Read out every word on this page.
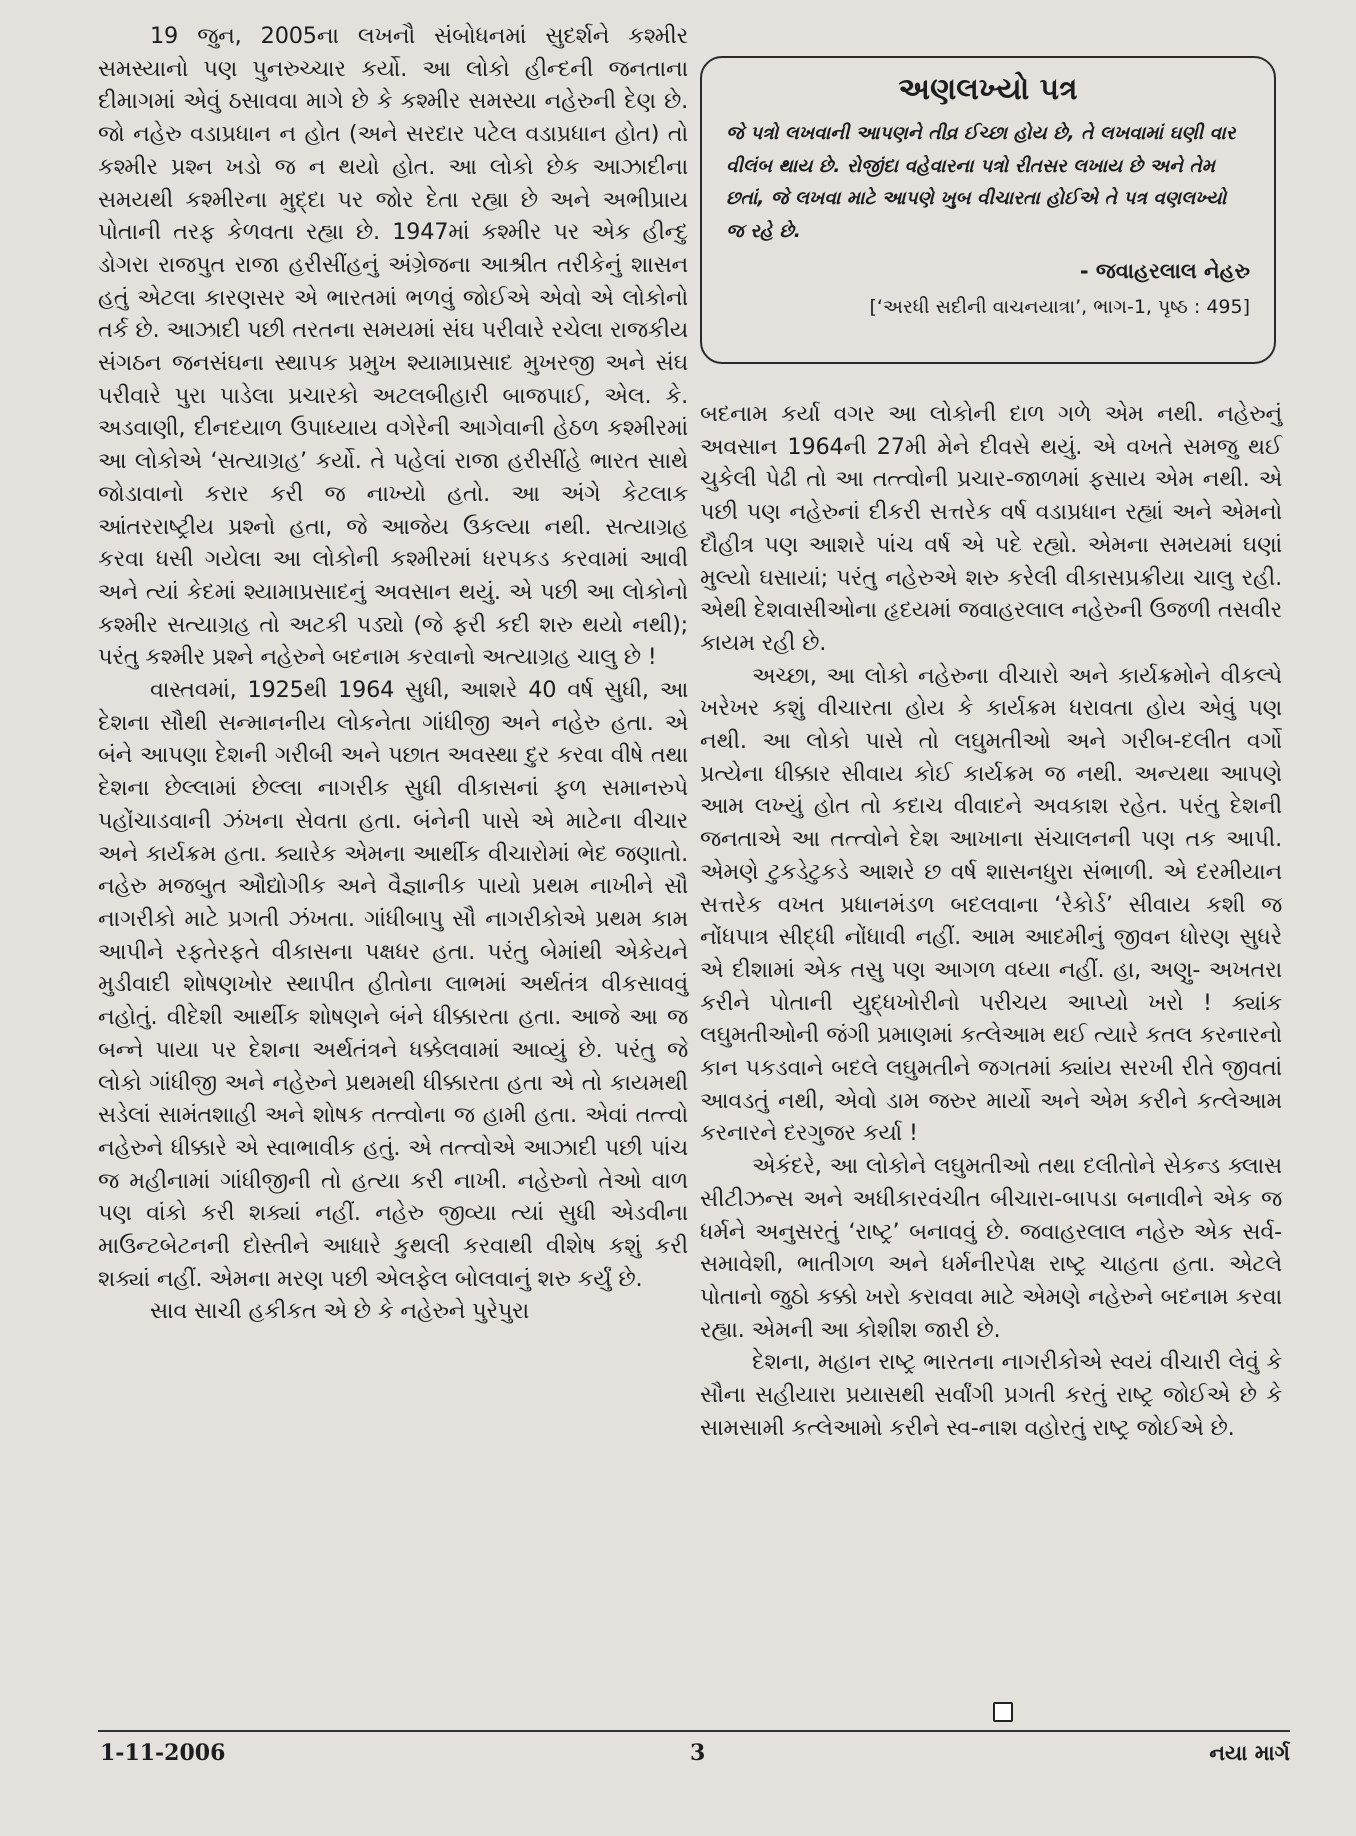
19 જુન, 2005ના લખનૌ સંબોધનમાં સુદર્શને કશ્મીર સમસ્યાનો પણ પુનરુચ્ચાર કર્યો. આ લોકો હીન્દની જનતાના દીમાગમાં એવું ઠસાવવા માગે છે કે કશ્મીર સમસ્યા નહેરુની દેણ છે. જો નહેરુ વડાપ્રધાન ન હોત (અને સરદાર પટેલ વડાપ્રધાન હોત) તો કશ્મીર પ્રશ્ન ખડો જ ન થયો હોત. આ લોકો છેક આઝાદીના સમયથી કશ્મીરના મુદ્દા પર જોર દેતા રહ્યા છે અને અભીપ્રાય પોતાની તરફ કેળવતા રહ્યા છે. 1947માં કશ્મીર પર એક હીન્દુ ડોગરા રાજપુત રાજા હરીસીંહનું અંગ્રેજના આશ્રીત તરીકેનું શાસન હતું એટલા કારણસર એ ભારતમાં ભળવું જોઈએ એવો એ લોકોનો તર્ક છે. આઝાદી પછી તરતના સમયમાં સંઘ પરીવારે રચેલા રાજકીય સંગઠન જનસંઘના સ્થાપક પ્રમુખ શ્યામાપ્રસાદ મુખરજી અને સંઘ પરીવારે પુરા પાડેલા પ્રચારકો અટલબીહારી બાજપાઈ, એલ. કે. અડવાણી, દીનદયાળ ઉપાધ્યાય વગેરેની આગેવાની હેઠળ કશ્મીરમાં આ લોકોએ ‘સત્યાગ્રહ’ કર્યો. તે પહેલાં રાજા હરીસીંહે ભારત સાથે જોડાવાનો કરાર કરી જ નાખ્યો હતો. આ અંગે કેટલાક આંતરરાષ્ટ્રીય પ્રશ્નો હતા, જે આજેય ઉકલ્યા નથી. સત્યાગ્રહ કરવા ધસી ગયેલા આ લોકોની કશ્મીરમાં ધરપકડ કરવામાં આવી અને ત્યાં કેદમાં શ્યામાપ્રસાદનું અવસાન થયું. એ પછી આ લોકોનો કશ્મીર સત્યાગ્રહ તો અટકી પડ્યો (જે ફરી કદી શરુ થયો નથી); પરંતુ કશ્મીર પ્રશ્ને નહેરુને બદનામ કરવાનો અત્યાગ્રહ ચાલુ છે !

વાસ્તવમાં, 1925થી 1964 સુધી, આશરે 40 વર્ષ સુધી, આ દેશના સૌથી સન્માનનીય લોકનેતા ગાંધીજી અને નહેરુ હતા. એ બંને આપણા દેશની ગરીબી અને પછાત અવસ્થા દુર કરવા વીષે તથા દેશના છેલ્લામાં છેલ્લા નાગરીક સુધી વીકાસનાં ફળ સમાનરુપે પહોંચાડવાની ઝંખના સેવતા હતા. બંનેની પાસે એ માટેના વીચાર અને કાર્યક્રમ હતા. ક્યારેક એમના આર્થીક વીચારોમાં ભેદ જણાતો. નહેરુ મજબુત ઔદ્યોગીક અને વૈજ્ઞાનીક પાયો પ્રથમ નાખીને સૌ નાગરીકો માટે પ્રગતી ઝંખતા. ગાંધીબાપુ સૌ નાગરીકોએ પ્રથમ કામ આપીને રફતેરફતે વીકાસના પક્ષધર હતા. પરંતુ બેમાંથી એકેયને મુડીવાદી શોષણખોર સ્થાપીત હીતોના લાભમાં અર્થતંત્ર વીકસાવવું નહોતું. વીદેશી આર્થીક શોષણને બંને ધીક્કારતા હતા. આજે આ જ બન્ને પાયા પર દેશના અર્થતંત્રને ધક્કેલવામાં આવ્યું છે. પરંતુ જે લોકો ગાંધીજી અને નહેરુને પ્રથમથી ધીક્કારતા હતા એ તો કાયમથી સડેલાં સામંતશાહી અને શોષક તત્ત્વોના જ હામી હતા. એવાં તત્ત્વો નહેરુને ધીક્કારે એ સ્વાભાવીક હતું. એ તત્ત્વોએ આઝાદી પછી પાંચ જ મહીનામાં ગાંધીજીની તો હત્યા કરી નાખી. નહેરુનો તેઓ વાળ પણ વાંકો કરી શક્યાં નહીં. નહેરુ જીવ્યા ત્યાં સુધી એડવીના માઉન્ટબેટનની દોસ્તીને આધારે કુથલી કરવાથી વીશેષ કશું કરી શક્યાં નહીં. એમના મરણ પછી એલફેલ બોલવાનું શરુ કર્યું છે.

સાવ સાચી હકીકત એ છે કે નહેરુને પુરેપુરા

અણલખ્યો પત્ર

જે પત્રો લખવાની આપણને તીવ્ર ઈચ્છા હોય છે, તે લખવામાં ઘણી વાર વીલંબ થાય છે. રોજીંદા વહેવારના પત્રો રીતસર લખાય છે અને તેમ છતાં, જે લખવા માટે આપણે ખુબ વીચારતા હોઈએ તે પત્ર વણલખ્યો જ રહે છે.

- જવાહરલાલ નેહરુ

[‘અરધી સદીની વાચનયાત્રા’, ભાગ-1, પૃષ્ઠ : 495]

બદનામ કર્યા વગર આ લોકોની દાળ ગળે એમ નથી. નહેરુનું અવસાન 1964ની 27મી મેને દીવસે થયું. એ વખતે સમજુ થઈ ચુકેલી પેઢી તો આ તત્ત્વોની પ્રચાર-જાળમાં ફસાય એમ નથી. એ પછી પણ નહેરુનાં દીકરી સત્તરેક વર્ષ વડાપ્રધાન રહ્યાં અને એમનો દૌહીત્ર પણ આશરે પાંચ વર્ષ એ પદે રહ્યો. એમના સમયમાં ઘણાં મુલ્યો ઘસાયાં; પરંતુ નહેરુએ શરુ કરેલી વીકાસપ્રક્રીયા ચાલુ રહી. એથી દેશવાસીઓના હૃદયમાં જવાહરલાલ નહેરુની ઉજળી તસવીર કાયમ રહી છે.

અચ્છા, આ લોકો નહેરુના વીચારો અને કાર્યક્રમોને વીકલ્પે ખરેખર કશું વીચારતા હોય કે કાર્યક્રમ ધરાવતા હોય એવું પણ નથી. આ લોકો પાસે તો લઘુમતીઓ અને ગરીબ-દલીત વર્ગો પ્રત્યેના ધીક્કાર સીવાય કોઈ કાર્યક્રમ જ નથી. અન્યથા આપણે આમ લખ્યું હોત તો કદાચ વીવાદને અવકાશ રહેત. પરંતુ દેશની જનતાએ આ તત્ત્વોને દેશ આખાના સંચાલનની પણ તક આપી. એમણે ટુકડેટુકડે આશરે છ વર્ષ શાસનધુરા સંભાળી. એ દરમીયાન સત્તરેક વખત પ્રધાનમંડળ બદલવાના ‘રેકોર્ડ’ સીવાય કશી જ નોંધપાત્ર સીદ્ધી નોંધાવી નહીં. આમ આદમીનું જીવન ધોરણ સુધરે એ દીશામાં એક તસુ પણ આગળ વધ્યા નહીં. હા, અણુ- અખતરા કરીને પોતાની યુદ્ધખોરીનો પરીચય આપ્યો ખરો ! ક્યાંક લઘુમતીઓની જંગી પ્રમાણમાં કત્લેઆમ થઈ ત્યારે કતલ કરનારનો કાન પકડવાને બદલે લઘુમતીને જગતમાં ક્યાંય સરખી રીતે જીવતાં આવડતું નથી, એવો ડામ જરુર માર્યો અને એમ કરીને કત્લેઆમ કરનારને દરગુજર કર્યા !

એકંદરે, આ લોકોને લઘુમતીઓ તથા દલીતોને સેકન્ડ ક્લાસ સીટીઝન્સ અને અધીકારવંચીત બીચારા-બાપડા બનાવીને એક જ ધર્મને અનુસરતું ‘રાષ્ટ્ર’ બનાવવું છે. જવાહરલાલ નહેરુ એક સર્વ-સમાવેશી, ભાતીગળ અને ધર્મનીરપેક્ષ રાષ્ટ્ર ચાહતા હતા. એટલે પોતાનો જુઠો કક્કો ખરો કરાવવા માટે એમણે નહેરુને બદનામ કરવા રહ્યા. એમની આ કોશીશ જારી છે.

દેશના, મહાન રાષ્ટ્ર ભારતના નાગરીકોએ સ્વયં વીચારી લેવું કે સૌના સહીયારા પ્રયાસથી સર્વાંગી પ્રગતી કરતું રાષ્ટ્ર જોઈએ છે કે સામસામી કત્લેઆમો કરીને સ્વ-નાશ વહોરતું રાષ્ટ્ર જોઈએ છે.

1-11-2006	3	નયા માર્ગ
